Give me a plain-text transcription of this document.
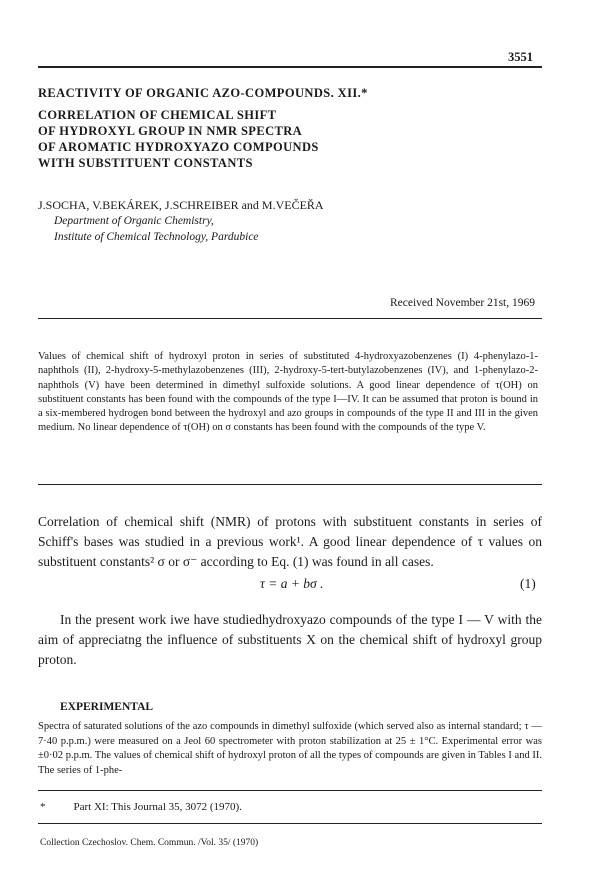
3551
REACTIVITY OF ORGANIC AZO-COMPOUNDS. XII.*
CORRELATION OF CHEMICAL SHIFT
OF HYDROXYL GROUP IN NMR SPECTRA
OF AROMATIC HYDROXYAZO COMPOUNDS
WITH SUBSTITUENT CONSTANTS
J.SOCHA, V.BEKÁREK, J.SCHREIBER and M.VEČEŘA
Department of Organic Chemistry,
Institute of Chemical Technology, Pardubice
Received November 21st, 1969
Values of chemical shift of hydroxyl proton in series of substituted 4-hydroxyazobenzenes (I) 4-phenylazo-1-naphthols (II), 2-hydroxy-5-methylazobenzenes (III), 2-hydroxy-5-tert-butylazobenzenes (IV), and 1-phenylazo-2-naphthols (V) have been determined in dimethyl sulfoxide solutions. A good linear dependence of τ(OH) on substituent constants has been found with the compounds of the type I—IV. It can be assumed that proton is bound in a six-membered hydrogen bond between the hydroxyl and azo groups in compounds of the type II and III in the given medium. No linear dependence of τ(OH) on σ constants has been found with the compounds of the type V.
Correlation of chemical shift (NMR) of protons with substituent constants in series of Schiff's bases was studied in a previous work¹. A good linear dependence of τ values on substituent constants² σ or σ⁻ according to Eq. (1) was found in all cases.
τ = a + bσ .	(1)
In the present work iwe have studiedhydroxyazo compounds of the type I — V with the aim of appreciatng the influence of substituents X on the chemical shift of hydroxyl group proton.
EXPERIMENTAL
Spectra of saturated solutions of the azo compounds in dimethyl sulfoxide (which served also as internal standard; τ — 7·40 p.p.m.) were measured on a Jeol 60 spectrometer with proton stabilization at 25 ± 1°C. Experimental error was ±0·02 p.p.m. The values of chemical shift of hydroxyl proton of all the types of compounds are given in Tables I and II. The series of 1-phe-
*	Part XI: This Journal 35, 3072 (1970).
Collection Czechoslov. Chem. Commun. /Vol. 35/ (1970)
